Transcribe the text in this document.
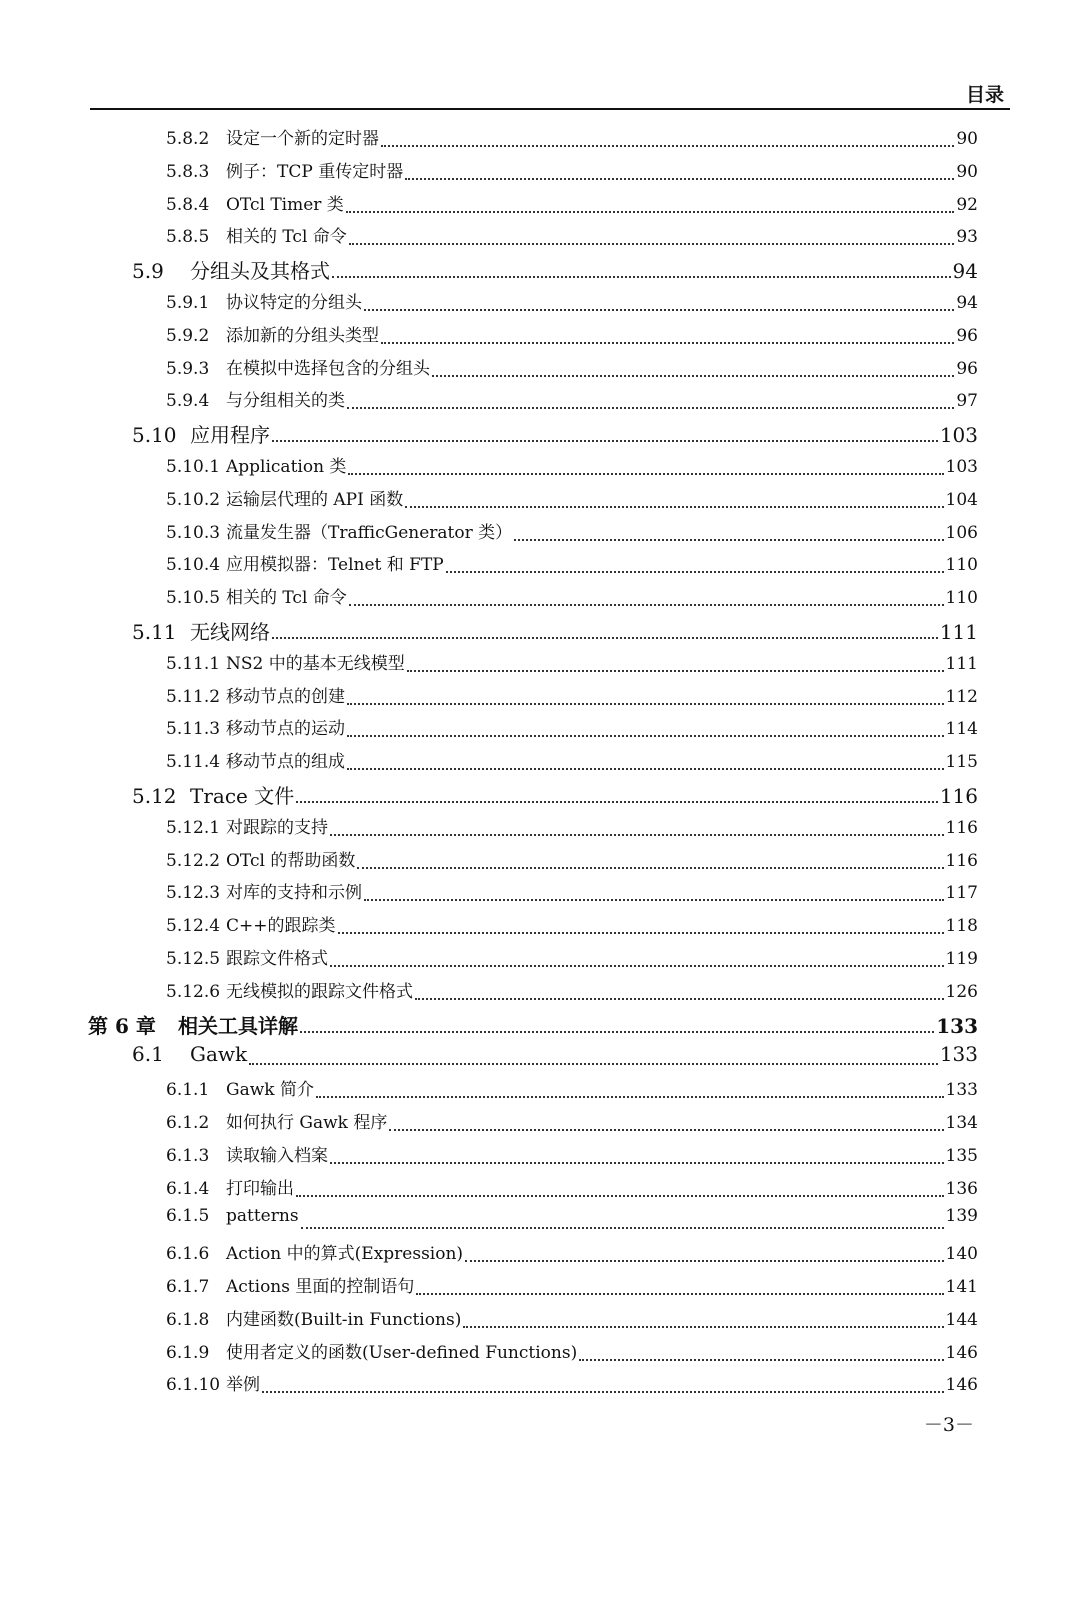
目录
5.8.2 设定一个新的定时器	90
5.8.3 例子：TCP 重传定时器	90
5.8.4 OTcl Timer 类	92
5.8.5 相关的 Tcl 命令	93
5.9	分组头及其格式	94
5.9.1 协议特定的分组头	94
5.9.2 添加新的分组头类型	96
5.9.3 在模拟中选择包含的分组头	96
5.9.4 与分组相关的类	97
5.10 应用程序	103
5.10.1 Application 类	103
5.10.2 运输层代理的 API 函数	104
5.10.3 流量发生器（TrafficGenerator 类）	106
5.10.4 应用模拟器：Telnet 和 FTP	110
5.10.5 相关的 Tcl 命令	110
5.11 无线网络	111
5.11.1 NS2 中的基本无线模型	111
5.11.2 移动节点的创建	112
5.11.3 移动节点的运动	114
5.11.4 移动节点的组成	115
5.12 Trace 文件	116
5.12.1 对跟踪的支持	116
5.12.2 OTcl 的帮助函数	116
5.12.3 对库的支持和示例	117
5.12.4 C++的跟踪类	118
5.12.5 跟踪文件格式	119
5.12.6 无线模拟的跟踪文件格式	126
第 6 章	相关工具详解	133
6.1	Gawk	133
6.1.1 Gawk 简介	133
6.1.2 如何执行 Gawk 程序	134
6.1.3 读取输入档案	135
6.1.4 打印输出	136
6.1.5 patterns	139
6.1.6 Action 中的算式(Expression)	140
6.1.7 Actions 里面的控制语句	141
6.1.8 内建函数(Built-in Functions)	144
6.1.9 使用者定义的函数(User-defined Functions)	146
6.1.10 举例	146
－3－
